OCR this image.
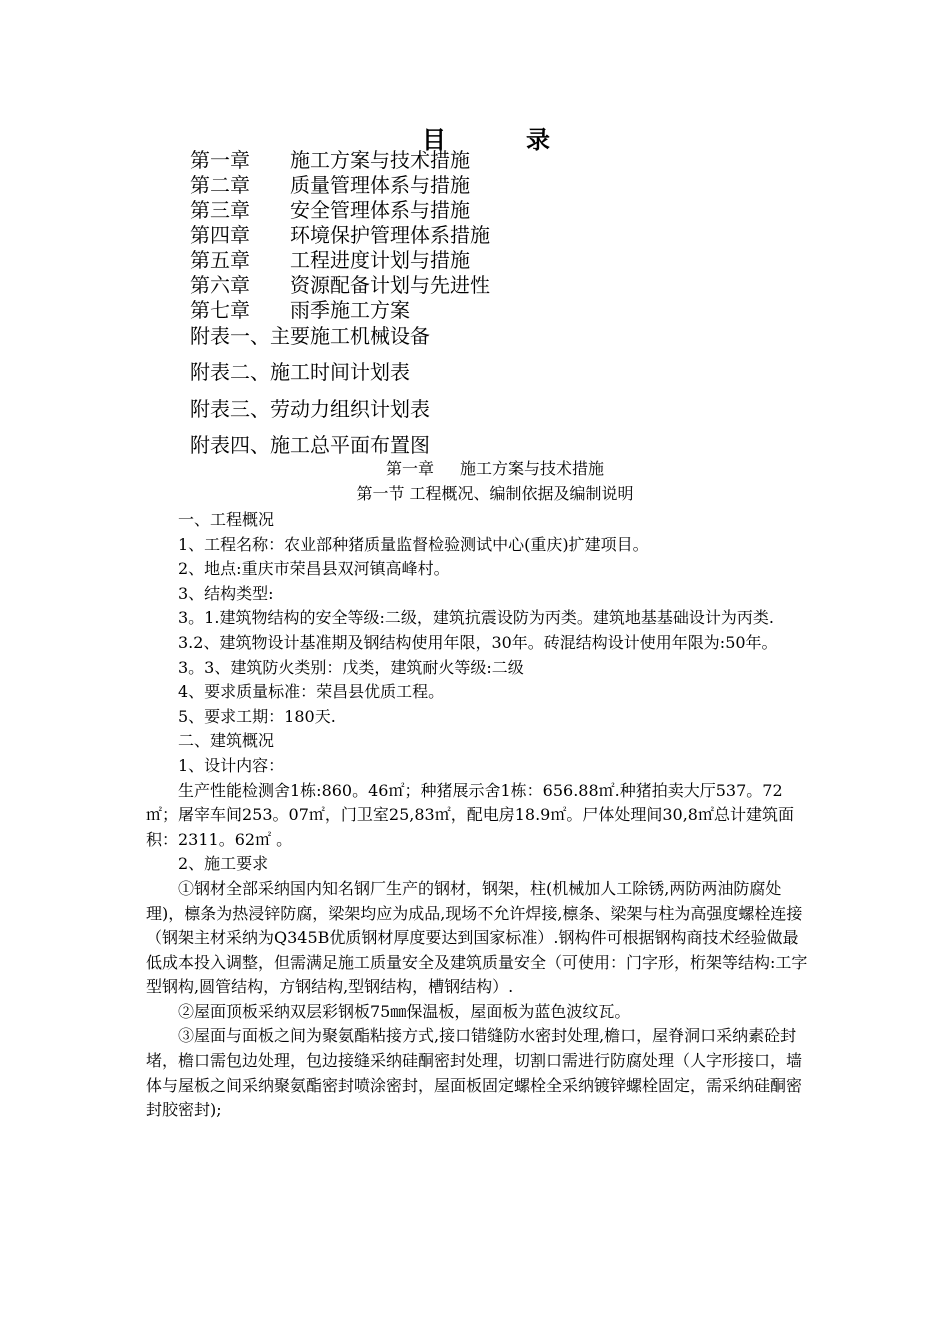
目　录
第一章	施工方案与技术措施
第二章	质量管理体系与措施
第三章	安全管理体系与措施
第四章	环境保护管理体系措施
第五章	工程进度计划与措施
第六章	资源配备计划与先进性
第七章	雨季施工方案
附表一、主要施工机械设备
附表二、施工时间计划表
附表三、劳动力组织计划表
附表四、施工总平面布置图
第一章 施工方案与技术措施
第一节 工程概况、编制依据及编制说明

一、工程概况

1、工程名称：农业部种猪质量监督检验测试中心(重庆)扩建项目。

2、地点:重庆市荣昌县双河镇高峰村。

3、结构类型:

3。1.建筑物结构的安全等级:二级，建筑抗震设防为丙类。建筑地基基础设计为丙类.

3.2、建筑物设计基准期及钢结构使用年限，30年。砖混结构设计使用年限为:50年。

3。3、建筑防火类别：戊类，建筑耐火等级:二级

4、要求质量标准：荣昌县优质工程。

5、要求工期：180天.

二、建筑概况

1、设计内容：

生产性能检测舍1栋:860。46㎡；种猪展示舍1栋：656.88㎡.种猪拍卖大厅537。72㎡；屠宰车间253。07㎡，门卫室25,83㎡，配电房18.9㎡。尸体处理间30,8㎡总计建筑面积：2311。62㎡ 。

2、施工要求

①钢材全部采纳国内知名钢厂生产的钢材，钢架，柱(机械加人工除锈,两防两油防腐处理)，檩条为热浸锌防腐，梁架均应为成品,现场不允许焊接,檩条、梁架与柱为高强度螺栓连接（钢架主材采纳为Q345B优质钢材厚度要达到国家标准）.钢构件可根据钢构商技术经验做最低成本投入调整，但需满足施工质量安全及建筑质量安全（可使用：门字形，桁架等结构:工字型钢构,圆管结构，方钢结构,型钢结构，槽钢结构）.

②屋面顶板采纳双层彩钢板75㎜保温板，屋面板为蓝色波纹瓦。

③屋面与面板之间为聚氨酯粘接方式,接口错缝防水密封处理,檐口，屋脊洞口采纳素砼封堵，檐口需包边处理，包边接缝采纳硅酮密封处理，切割口需进行防腐处理（人字形接口，墙体与屋板之间采纳聚氨酯密封喷涂密封，屋面板固定螺栓全采纳镀锌螺栓固定，需采纳硅酮密封胶密封);
